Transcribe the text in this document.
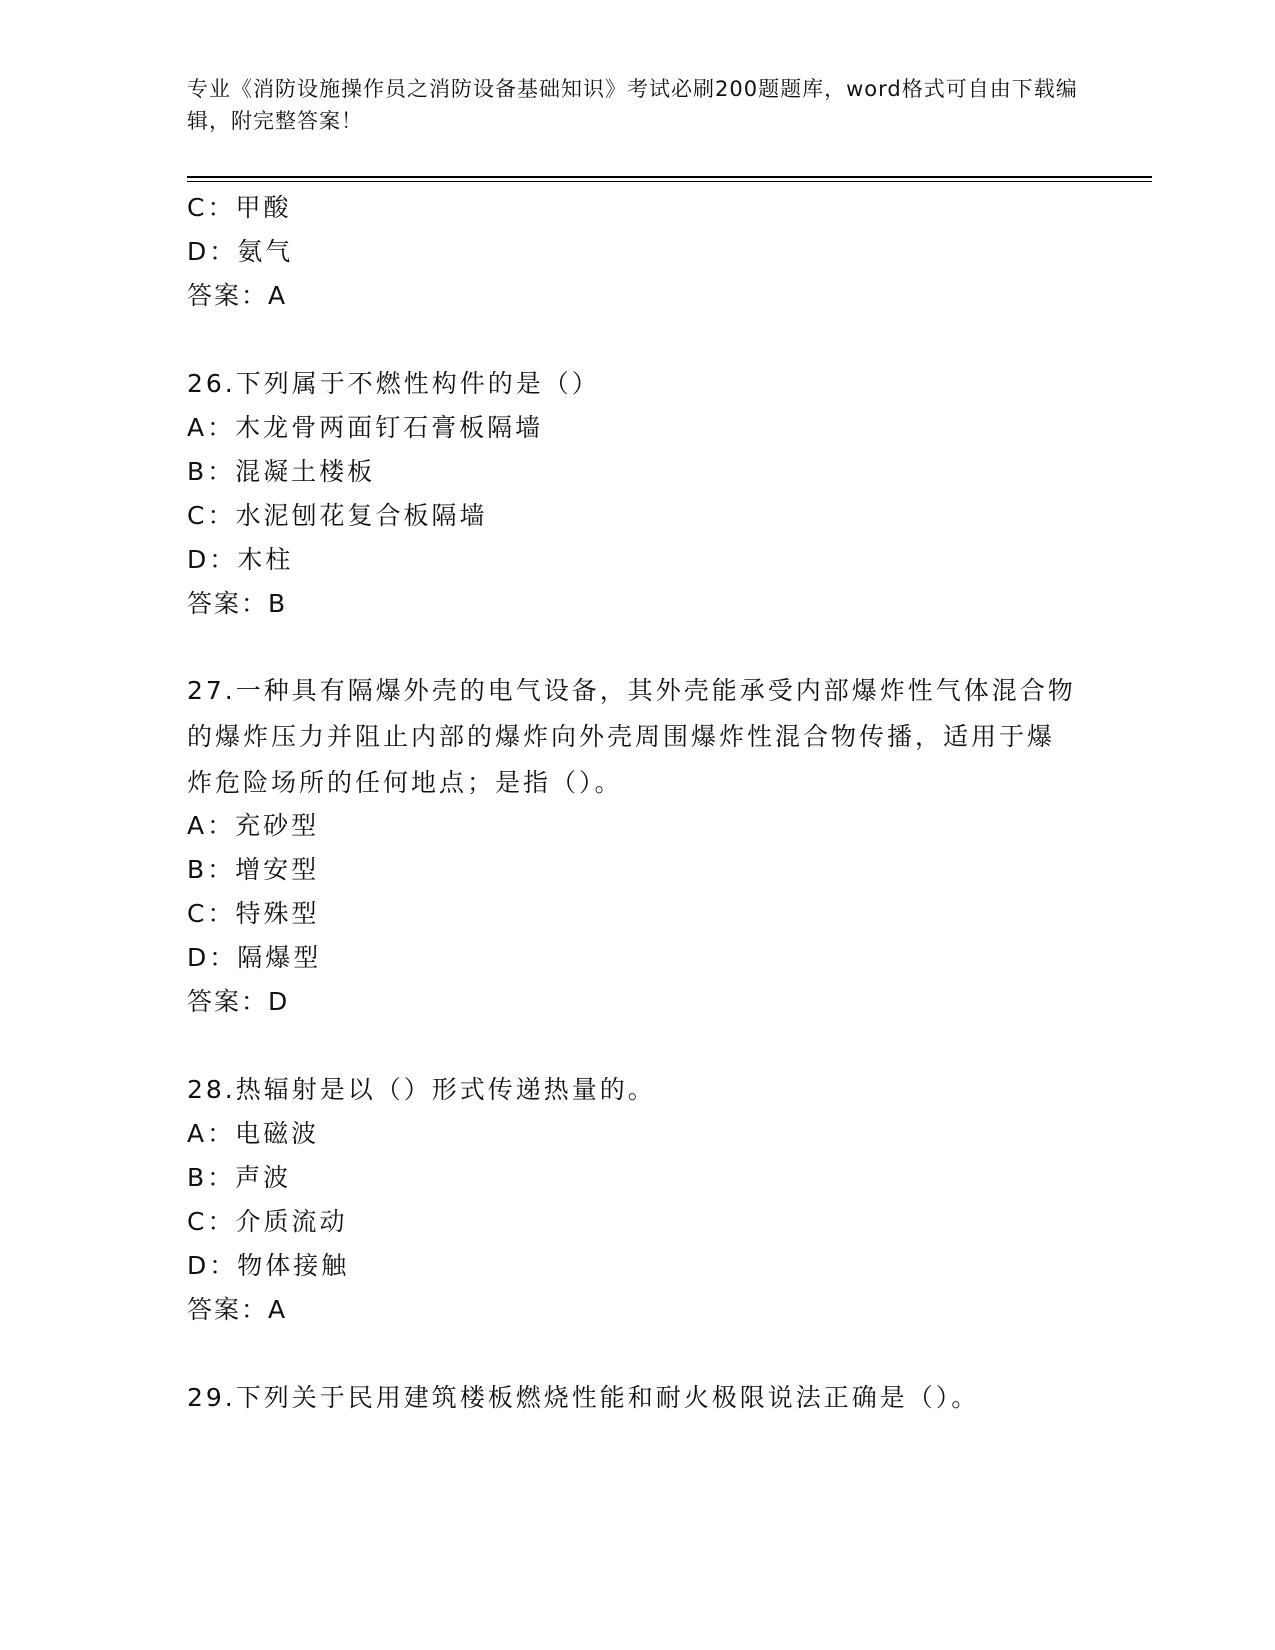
专业《消防设施操作员之消防设备基础知识》考试必刷200题题库，word格式可自由下载编辑，附完整答案！
C：甲酸
D：氨气
答案：A
26.下列属于不燃性构件的是（）
A：木龙骨两面钉石膏板隔墙
B：混凝土楼板
C：水泥刨花复合板隔墙
D：木柱
答案：B
27.一种具有隔爆外壳的电气设备，其外壳能承受内部爆炸性气体混合物的爆炸压力并阻止内部的爆炸向外壳周围爆炸性混合物传播，适用于爆炸危险场所的任何地点；是指（）。
A：充砂型
B：增安型
C：特殊型
D：隔爆型
答案：D
28.热辐射是以（）形式传递热量的。
A：电磁波
B：声波
C：介质流动
D：物体接触
答案：A
29.下列关于民用建筑楼板燃烧性能和耐火极限说法正确是（）。
